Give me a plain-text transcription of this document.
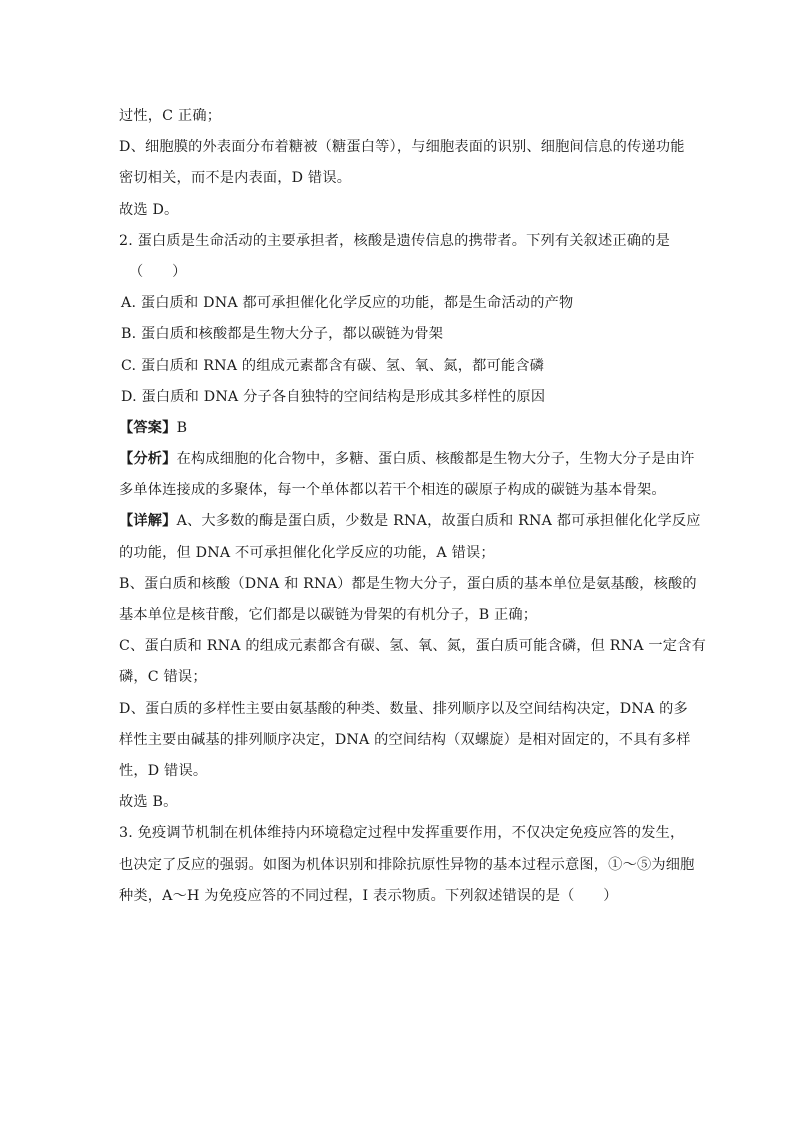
过性，C 正确；
D、细胞膜的外表面分布着糖被（糖蛋白等），与细胞表面的识别、细胞间信息的传递功能
密切相关，而不是内表面，D 错误。
故选 D。
2. 蛋白质是生命活动的主要承担者，核酸是遗传信息的携带者。下列有关叙述正确的是
（　　）
A. 蛋白质和 DNA 都可承担催化化学反应的功能，都是生命活动的产物
B. 蛋白质和核酸都是生物大分子，都以碳链为骨架
C. 蛋白质和 RNA 的组成元素都含有碳、氢、氧、氮，都可能含磷
D. 蛋白质和 DNA 分子各自独特的空间结构是形成其多样性的原因
【答案】B
【分析】在构成细胞的化合物中，多糖、蛋白质、核酸都是生物大分子，生物大分子是由许
多单体连接成的多聚体，每一个单体都以若干个相连的碳原子构成的碳链为基本骨架。
【详解】A、大多数的酶是蛋白质，少数是 RNA，故蛋白质和 RNA 都可承担催化化学反应
的功能，但 DNA 不可承担催化化学反应的功能，A 错误；
B、蛋白质和核酸（DNA 和 RNA）都是生物大分子，蛋白质的基本单位是氨基酸，核酸的
基本单位是核苷酸，它们都是以碳链为骨架的有机分子，B 正确；
C、蛋白质和 RNA 的组成元素都含有碳、氢、氧、氮，蛋白质可能含磷，但 RNA 一定含有
磷，C 错误；
D、蛋白质的多样性主要由氨基酸的种类、数量、排列顺序以及空间结构决定，DNA 的多
样性主要由碱基的排列顺序决定，DNA 的空间结构（双螺旋）是相对固定的，不具有多样
性，D 错误。
故选 B。
3. 免疫调节机制在机体维持内环境稳定过程中发挥重要作用，不仅决定免疫应答的发生，
也决定了反应的强弱。如图为机体识别和排除抗原性异物的基本过程示意图，①～⑤为细胞
种类，A～H 为免疫应答的不同过程，I 表示物质。下列叙述错误的是（　　）
